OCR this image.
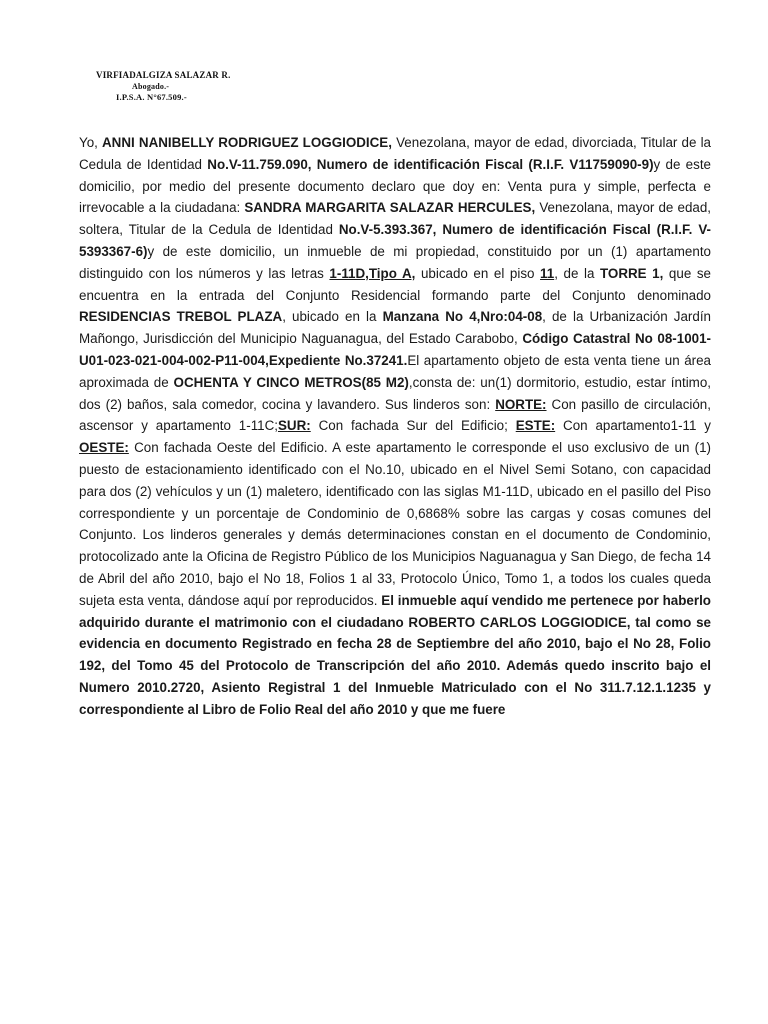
VIRFIADALGIZA SALAZAR R.
Abogado.-
I.P.S.A. N°67.509.-
Yo, ANNI NANIBELLY RODRIGUEZ LOGGIODICE, Venezolana, mayor de edad, divorciada, Titular de la Cedula de Identidad No.V-11.759.090, Numero de identificación Fiscal (R.I.F. V11759090-9)y de este domicilio, por medio del presente documento declaro que doy en: Venta pura y simple, perfecta e irrevocable a la ciudadana: SANDRA MARGARITA SALAZAR HERCULES, Venezolana, mayor de edad, soltera, Titular de la Cedula de Identidad No.V-5.393.367, Numero de identificación Fiscal (R.I.F. V-5393367-6)y de este domicilio, un inmueble de mi propiedad, constituido por un (1) apartamento distinguido con los números y las letras 1-11D,Tipo A, ubicado en el piso 11, de la TORRE 1, que se encuentra en la entrada del Conjunto Residencial formando parte del Conjunto denominado RESIDENCIAS TREBOL PLAZA, ubicado en la Manzana No 4,Nro:04-08, de la Urbanización Jardín Mañongo, Jurisdicción del Municipio Naguanagua, del Estado Carabobo, Código Catastral No 08-1001-U01-023-021-004-002-P11-004,Expediente No.37241.El apartamento objeto de esta venta tiene un área aproximada de OCHENTA Y CINCO METROS(85 M2),consta de: un(1) dormitorio, estudio, estar íntimo, dos (2) baños, sala comedor, cocina y lavandero. Sus linderos son: NORTE: Con pasillo de circulación, ascensor y apartamento 1-11C;SUR: Con fachada Sur del Edificio; ESTE: Con apartamento1-11 y OESTE: Con fachada Oeste del Edificio. A este apartamento le corresponde el uso exclusivo de un (1) puesto de estacionamiento identificado con el No.10, ubicado en el Nivel Semi Sotano, con capacidad para dos (2) vehículos y un (1) maletero, identificado con las siglas M1-11D, ubicado en el pasillo del Piso correspondiente y un porcentaje de Condominio de 0,6868% sobre las cargas y cosas comunes del Conjunto. Los linderos generales y demás determinaciones constan en el documento de Condominio, protocolizado ante la Oficina de Registro Público de los Municipios Naguanagua y San Diego, de fecha 14 de Abril del año 2010, bajo el No 18, Folios 1 al 33, Protocolo Único, Tomo 1, a todos los cuales queda sujeta esta venta, dándose aquí por reproducidos. El inmueble aquí vendido me pertenece por haberlo adquirido durante el matrimonio con el ciudadano ROBERTO CARLOS LOGGIODICE, tal como se evidencia en documento Registrado en fecha 28 de Septiembre del año 2010, bajo el No 28, Folio 192, del Tomo 45 del Protocolo de Transcripción del año 2010. Además quedo inscrito bajo el Numero 2010.2720, Asiento Registral 1 del Inmueble Matriculado con el No 311.7.12.1.1235 y correspondiente al Libro de Folio Real del año 2010 y que me fuere
